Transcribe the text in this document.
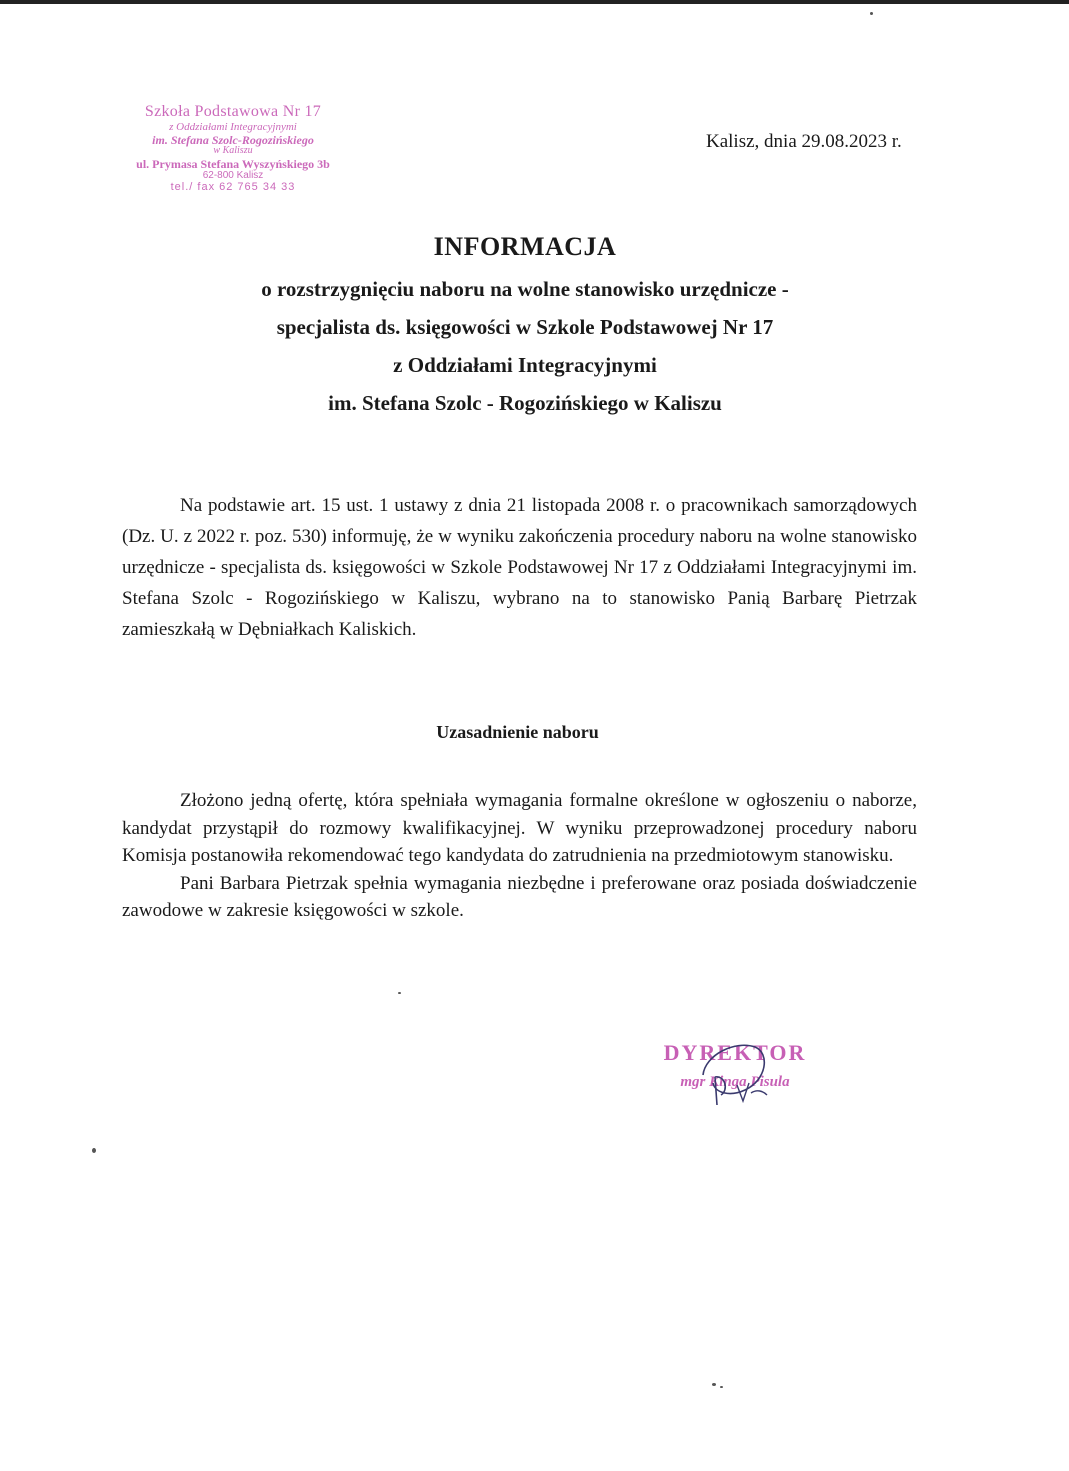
Szkoła Podstawowa Nr 17
z Oddziałami Integracyjnymi
im. Stefana Szolc-Rogozińskiego
w Kaliszu
ul. Prymasa Stefana Wyszyńskiego 3b
62-800 Kalisz
tel./ fax 62 765 34 33
Kalisz, dnia 29.08.2023 r.
INFORMACJA
o rozstrzygnięciu naboru na wolne stanowisko urzędnicze -
specjalista ds. księgowości w Szkole Podstawowej Nr 17
z Oddziałami Integracyjnymi
im. Stefana Szolc - Rogozińskiego w Kaliszu

Na podstawie art. 15 ust. 1 ustawy z dnia 21 listopada 2008 r. o pracownikach samorządowych (Dz. U. z 2022 r. poz. 530) informuję, że w wyniku zakończenia procedury naboru na wolne stanowisko urzędnicze - specjalista ds. księgowości w Szkole Podstawowej Nr 17 z Oddziałami Integracyjnymi im. Stefana Szolc - Rogozińskiego w Kaliszu, wybrano na to stanowisko Panią Barbarę Pietrzak zamieszkałą w Dębniałkach Kaliskich.

Uzasadnienie naboru

Złożono jedną ofertę, która spełniała wymagania formalne określone w ogłoszeniu o naborze, kandydat przystąpił do rozmowy kwalifikacyjnej. W wyniku przeprowadzonej procedury naboru Komisja postanowiła rekomendować tego kandydata do zatrudnienia na przedmiotowym stanowisku.

Pani Barbara Pietrzak spełnia wymagania niezbędne i preferowane oraz posiada doświadczenie zawodowe w zakresie księgowości w szkole.

DYREKTOR
mgr Kinga Pisula
